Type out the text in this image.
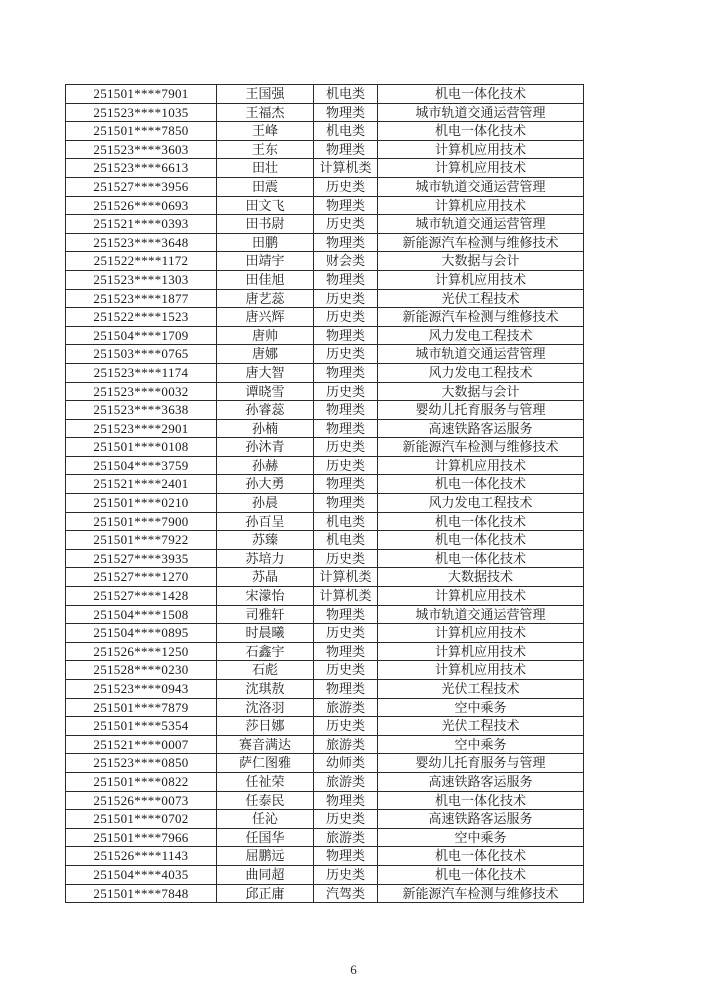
251501****7901	王国强	机电类	机电一体化技术
251523****1035	王福杰	物理类	城市轨道交通运营管理
251501****7850	王峰	机电类	机电一体化技术
251523****3603	王东	物理类	计算机应用技术
251523****6613	田壮	计算机类	计算机应用技术
251527****3956	田震	历史类	城市轨道交通运营管理
251526****0693	田文飞	物理类	计算机应用技术
251521****0393	田书尉	历史类	城市轨道交通运营管理
251523****3648	田鹏	物理类	新能源汽车检测与维修技术
251522****1172	田靖宇	财会类	大数据与会计
251523****1303	田佳旭	物理类	计算机应用技术
251523****1877	唐艺蕊	历史类	光伏工程技术
251522****1523	唐兴辉	历史类	新能源汽车检测与维修技术
251504****1709	唐帅	物理类	风力发电工程技术
251503****0765	唐娜	历史类	城市轨道交通运营管理
251523****1174	唐大智	物理类	风力发电工程技术
251523****0032	谭晓雪	历史类	大数据与会计
251523****3638	孙睿蕊	物理类	婴幼儿托育服务与管理
251523****2901	孙楠	物理类	高速铁路客运服务
251501****0108	孙沐青	历史类	新能源汽车检测与维修技术
251504****3759	孙赫	历史类	计算机应用技术
251521****2401	孙大勇	物理类	机电一体化技术
251501****0210	孙晨	物理类	风力发电工程技术
251501****7900	孙百呈	机电类	机电一体化技术
251501****7922	苏臻	机电类	机电一体化技术
251527****3935	苏培力	历史类	机电一体化技术
251527****1270	苏晶	计算机类	大数据技术
251527****1428	宋濛怡	计算机类	计算机应用技术
251504****1508	司雅轩	物理类	城市轨道交通运营管理
251504****0895	时晨曦	历史类	计算机应用技术
251526****1250	石鑫宇	物理类	计算机应用技术
251528****0230	石彪	历史类	计算机应用技术
251523****0943	沈琪敖	物理类	光伏工程技术
251501****7879	沈洛羽	旅游类	空中乘务
251501****5354	莎日娜	历史类	光伏工程技术
251521****0007	赛音满达	旅游类	空中乘务
251523****0850	萨仁图雅	幼师类	婴幼儿托育服务与管理
251501****0822	任祉荣	旅游类	高速铁路客运服务
251526****0073	任泰民	物理类	机电一体化技术
251501****0702	任沁	历史类	高速铁路客运服务
251501****7966	任国华	旅游类	空中乘务
251526****1143	屈鹏远	物理类	机电一体化技术
251504****4035	曲同超	历史类	机电一体化技术
251501****7848	邱正庸	汽驾类	新能源汽车检测与维修技术
6
